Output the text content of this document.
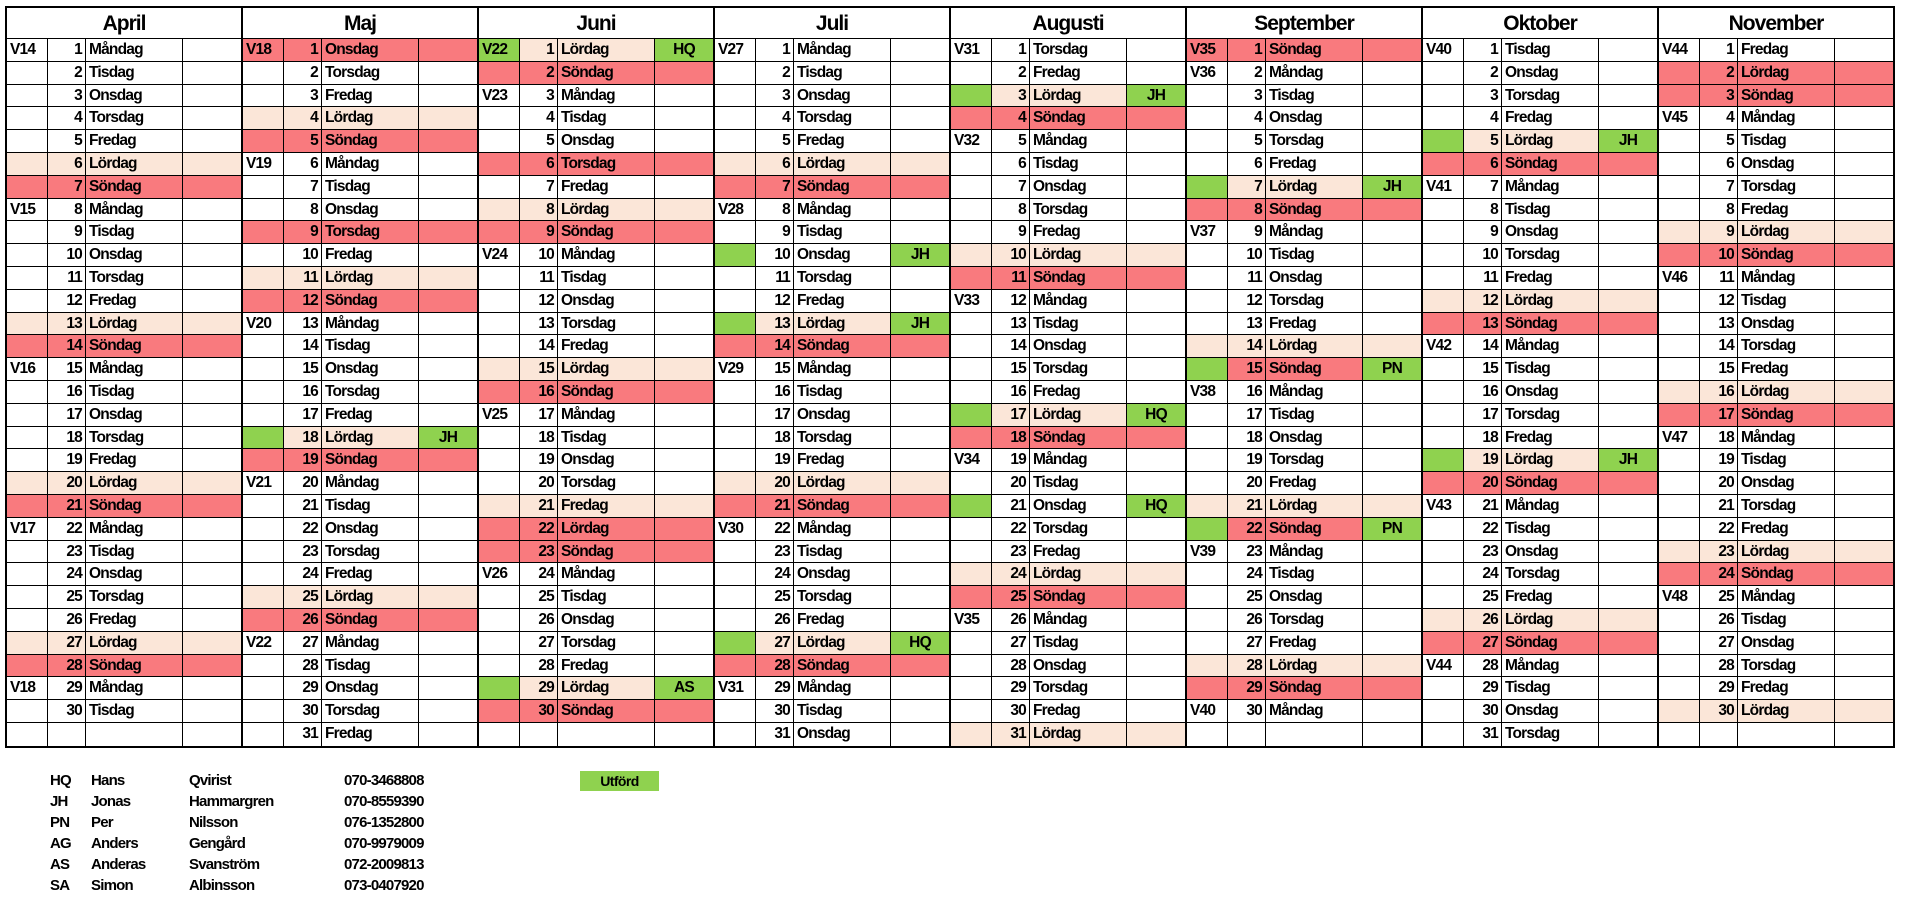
April
V14	1 Måndag
2 Tisdag
3 Onsdag
4 Torsdag
5 Fredag
6 Lördag
7 Söndag
V15	8 Måndag
9 Tisdag
10 Onsdag
11 Torsdag
12 Fredag
13 Lördag
14 Söndag
V16	15 Måndag
16 Tisdag
17 Onsdag
18 Torsdag
19 Fredag
20 Lördag
21 Söndag
V17	22 Måndag
23 Tisdag
24 Onsdag
25 Torsdag
26 Fredag
27 Lördag
28 Söndag
V18	29 Måndag
30 Tisdag
Maj
V18	1 Onsdag
2 Torsdag
3 Fredag
4 Lördag
5 Söndag
V19	6 Måndag
7 Tisdag
8 Onsdag
9 Torsdag
10 Fredag
11 Lördag
12 Söndag
V20	13 Måndag
14 Tisdag
15 Onsdag
16 Torsdag
17 Fredag
18 Lördag	JH
19 Söndag
V21	20 Måndag
21 Tisdag
22 Onsdag
23 Torsdag
24 Fredag
25 Lördag
26 Söndag
V22	27 Måndag
28 Tisdag
29 Onsdag
30 Torsdag
31 Fredag
Juni
V22	1 Lördag	HQ
2 Söndag
V23	3 Måndag
4 Tisdag
5 Onsdag
6 Torsdag
7 Fredag
8 Lördag
9 Söndag
V24	10 Måndag
11 Tisdag
12 Onsdag
13 Torsdag
14 Fredag
15 Lördag
16 Söndag
V25	17 Måndag
18 Tisdag
19 Onsdag
20 Torsdag
21 Fredag
22 Lördag
23 Söndag
V26	24 Måndag
25 Tisdag
26 Onsdag
27 Torsdag
28 Fredag
29 Lördag	AS
30 Söndag
Juli
V27	1 Måndag
2 Tisdag
3 Onsdag
4 Torsdag
5 Fredag
6 Lördag
7 Söndag
V28	8 Måndag
9 Tisdag
10 Onsdag	JH
11 Torsdag
12 Fredag
13 Lördag	JH
14 Söndag
V29	15 Måndag
16 Tisdag
17 Onsdag
18 Torsdag
19 Fredag
20 Lördag
21 Söndag
V30	22 Måndag
23 Tisdag
24 Onsdag
25 Torsdag
26 Fredag
27 Lördag	HQ
28 Söndag
V31	29 Måndag
30 Tisdag
31 Onsdag
Augusti
V31	1 Torsdag
2 Fredag
3 Lördag	JH
4 Söndag
V32	5 Måndag
6 Tisdag
7 Onsdag
8 Torsdag
9 Fredag
10 Lördag
11 Söndag
V33	12 Måndag
13 Tisdag
14 Onsdag
15 Torsdag
16 Fredag
17 Lördag	HQ
18 Söndag
V34	19 Måndag
20 Tisdag
21 Onsdag	HQ
22 Torsdag
23 Fredag
24 Lördag
25 Söndag
V35	26 Måndag
27 Tisdag
28 Onsdag
29 Torsdag
30 Fredag
31 Lördag
September
V35	1 Söndag
V36	2 Måndag
3 Tisdag
4 Onsdag
5 Torsdag
6 Fredag
7 Lördag	JH
8 Söndag
V37	9 Måndag
10 Tisdag
11 Onsdag
12 Torsdag
13 Fredag
14 Lördag
15 Söndag	PN
V38	16 Måndag
17 Tisdag
18 Onsdag
19 Torsdag
20 Fredag
21 Lördag
22 Söndag	PN
V39	23 Måndag
24 Tisdag
25 Onsdag
26 Torsdag
27 Fredag
28 Lördag
29 Söndag
V40	30 Måndag
Oktober
V40	1 Tisdag
2 Onsdag
3 Torsdag
4 Fredag
5 Lördag	JH
6 Söndag
V41	7 Måndag
8 Tisdag
9 Onsdag
10 Torsdag
11 Fredag
12 Lördag
13 Söndag
V42	14 Måndag
15 Tisdag
16 Onsdag
17 Torsdag
18 Fredag
19 Lördag	JH
20 Söndag
V43	21 Måndag
22 Tisdag
23 Onsdag
24 Torsdag
25 Fredag
26 Lördag
27 Söndag
V44	28 Måndag
29 Tisdag
30 Onsdag
31 Torsdag
November
V44	1 Fredag
2 Lördag
3 Söndag
V45	4 Måndag
5 Tisdag
6 Onsdag
7 Torsdag
8 Fredag
9 Lördag
10 Söndag
V46	11 Måndag
12 Tisdag
13 Onsdag
14 Torsdag
15 Fredag
16 Lördag
17 Söndag
V47	18 Måndag
19 Tisdag
20 Onsdag
21 Torsdag
22 Fredag
23 Lördag
24 Söndag
V48	25 Måndag
26 Tisdag
27 Onsdag
28 Torsdag
29 Fredag
30 Lördag
HQ	Hans	Qvirist	070-3468808
JH	Jonas	Hammargren	070-8559390
PN	Per	Nilsson	076-1352800
AG	Anders	Gengård	070-9979009
AS	Anderas	Svanström	072-2009813
SA	Simon	Albinsson	073-0407920
Utförd
